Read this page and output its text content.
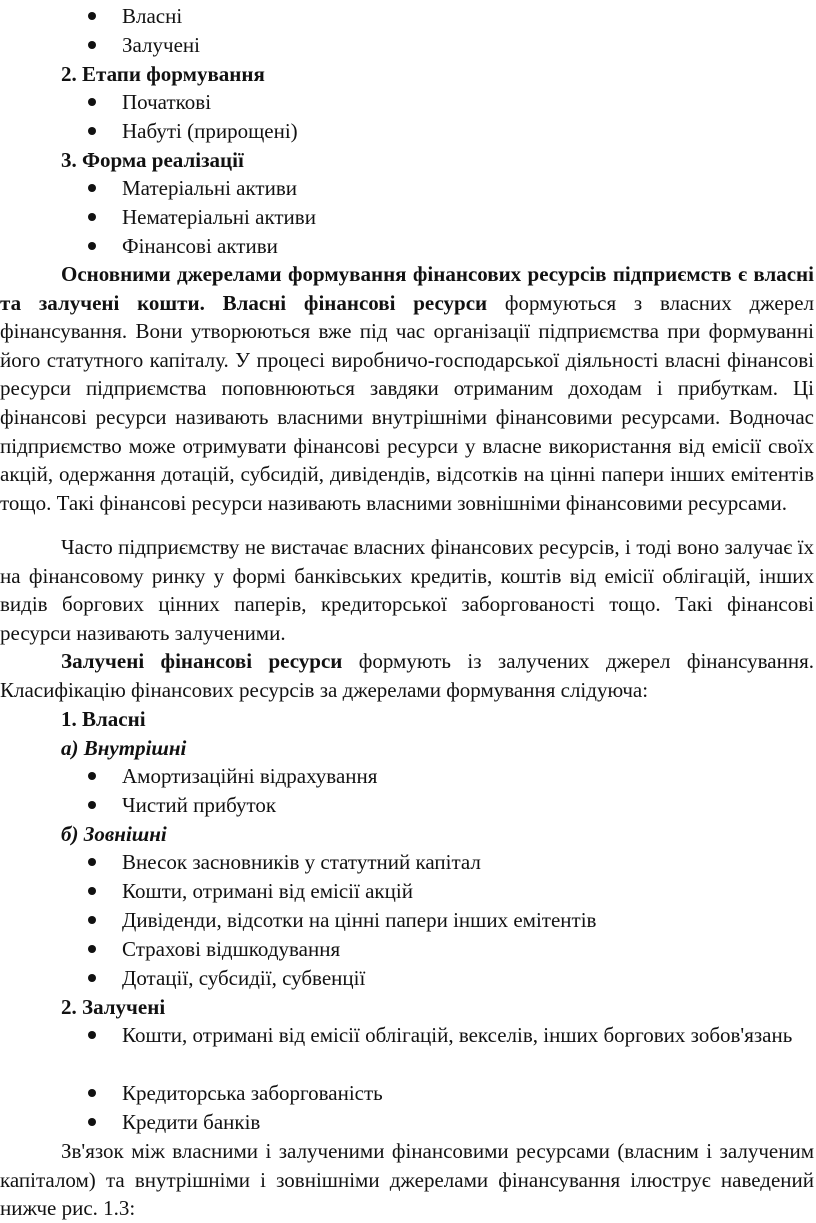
Власні
Залучені
2. Етапи формування
Початкові
Набуті (прирощені)
3. Форма реалізації
Матеріальні активи
Нематеріальні активи
Фінансові активи
Основними джерелами формування фінансових ресурсів підприємств є власні та залучені кошти. Власні фінансові ресурси формуються з власних джерел фінансування. Вони утворюються вже під час організації підприємства при формуванні його статутного капіталу. У процесі виробничо-господарської діяльності власні фінансові ресурси підприємства поповнюються завдяки отриманим доходам і прибуткам. Ці фінансові ресурси називають власними внутрішніми фінансовими ресурсами. Водночас підприємство може отримувати фінансові ресурси у власне використання від емісії своїх акцій, одержання дотацій, субсидій, дивідендів, відсотків на цінні папери інших емітентів тощо. Такі фінансові ресурси називають власними зовнішніми фінансовими ресурсами.
Часто підприємству не вистачає власних фінансових ресурсів, і тоді воно залучає їх на фінансовому ринку у формі банківських кредитів, коштів від емісії облігацій, інших видів боргових цінних паперів, кредиторської заборгованості тощо. Такі фінансові ресурси називають залученими.
Залучені фінансові ресурси формують із залучених джерел фінансування. Класифікацію фінансових ресурсів за джерелами формування слідуюча:
1. Власні
а) Внутрішні
Амортизаційні відрахування
Чистий прибуток
б) Зовнішні
Внесок засновників у статутний капітал
Кошти, отримані від емісії акцій
Дивіденди, відсотки на цінні папери інших емітентів
Страхові відшкодування
Дотації, субсидії, субвенції
2. Залучені
Кошти, отримані від емісії облігацій, векселів, інших боргових зобов'язань
Кредиторська заборгованість
Кредити банків
Зв'язок між власними і залученими фінансовими ресурсами (власним і залученим капіталом) та внутрішніми і зовнішніми джерелами фінансування ілюструє наведений нижче рис. 1.3:
